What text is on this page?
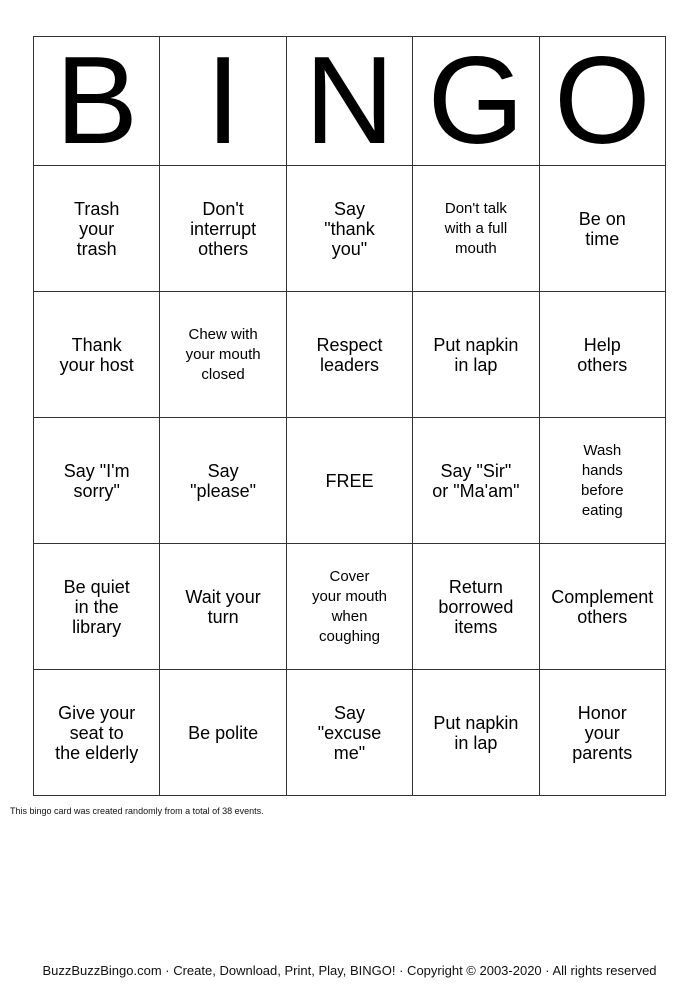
B I N G O
Trash
your
trash
Don't
interrupt
others
Say
"thank
you"
Don't talk
with a full
mouth
Be on
time
Thank
your host
Chew with
your mouth
closed
Respect
leaders
Put napkin
in lap
Help
others
Say "I'm
sorry"
Say
"please"	FREE	Say "Sir"
or "Ma'am"
Wash
hands
before
eating
Be quiet
in the
library
Wait your
turn
Cover
your mouth
when
coughing
Return
borrowed
items
Complement
others
Give your
seat to
the elderly
Be polite
Say
"excuse
me"
Put napkin
in lap
Honor
your
parents
This bingo card was created randomly from a total of 38 events.
BuzzBuzzBingo.com · Create, Download, Print, Play, BINGO! · Copyright © 2003-2020 · All rights reserved
